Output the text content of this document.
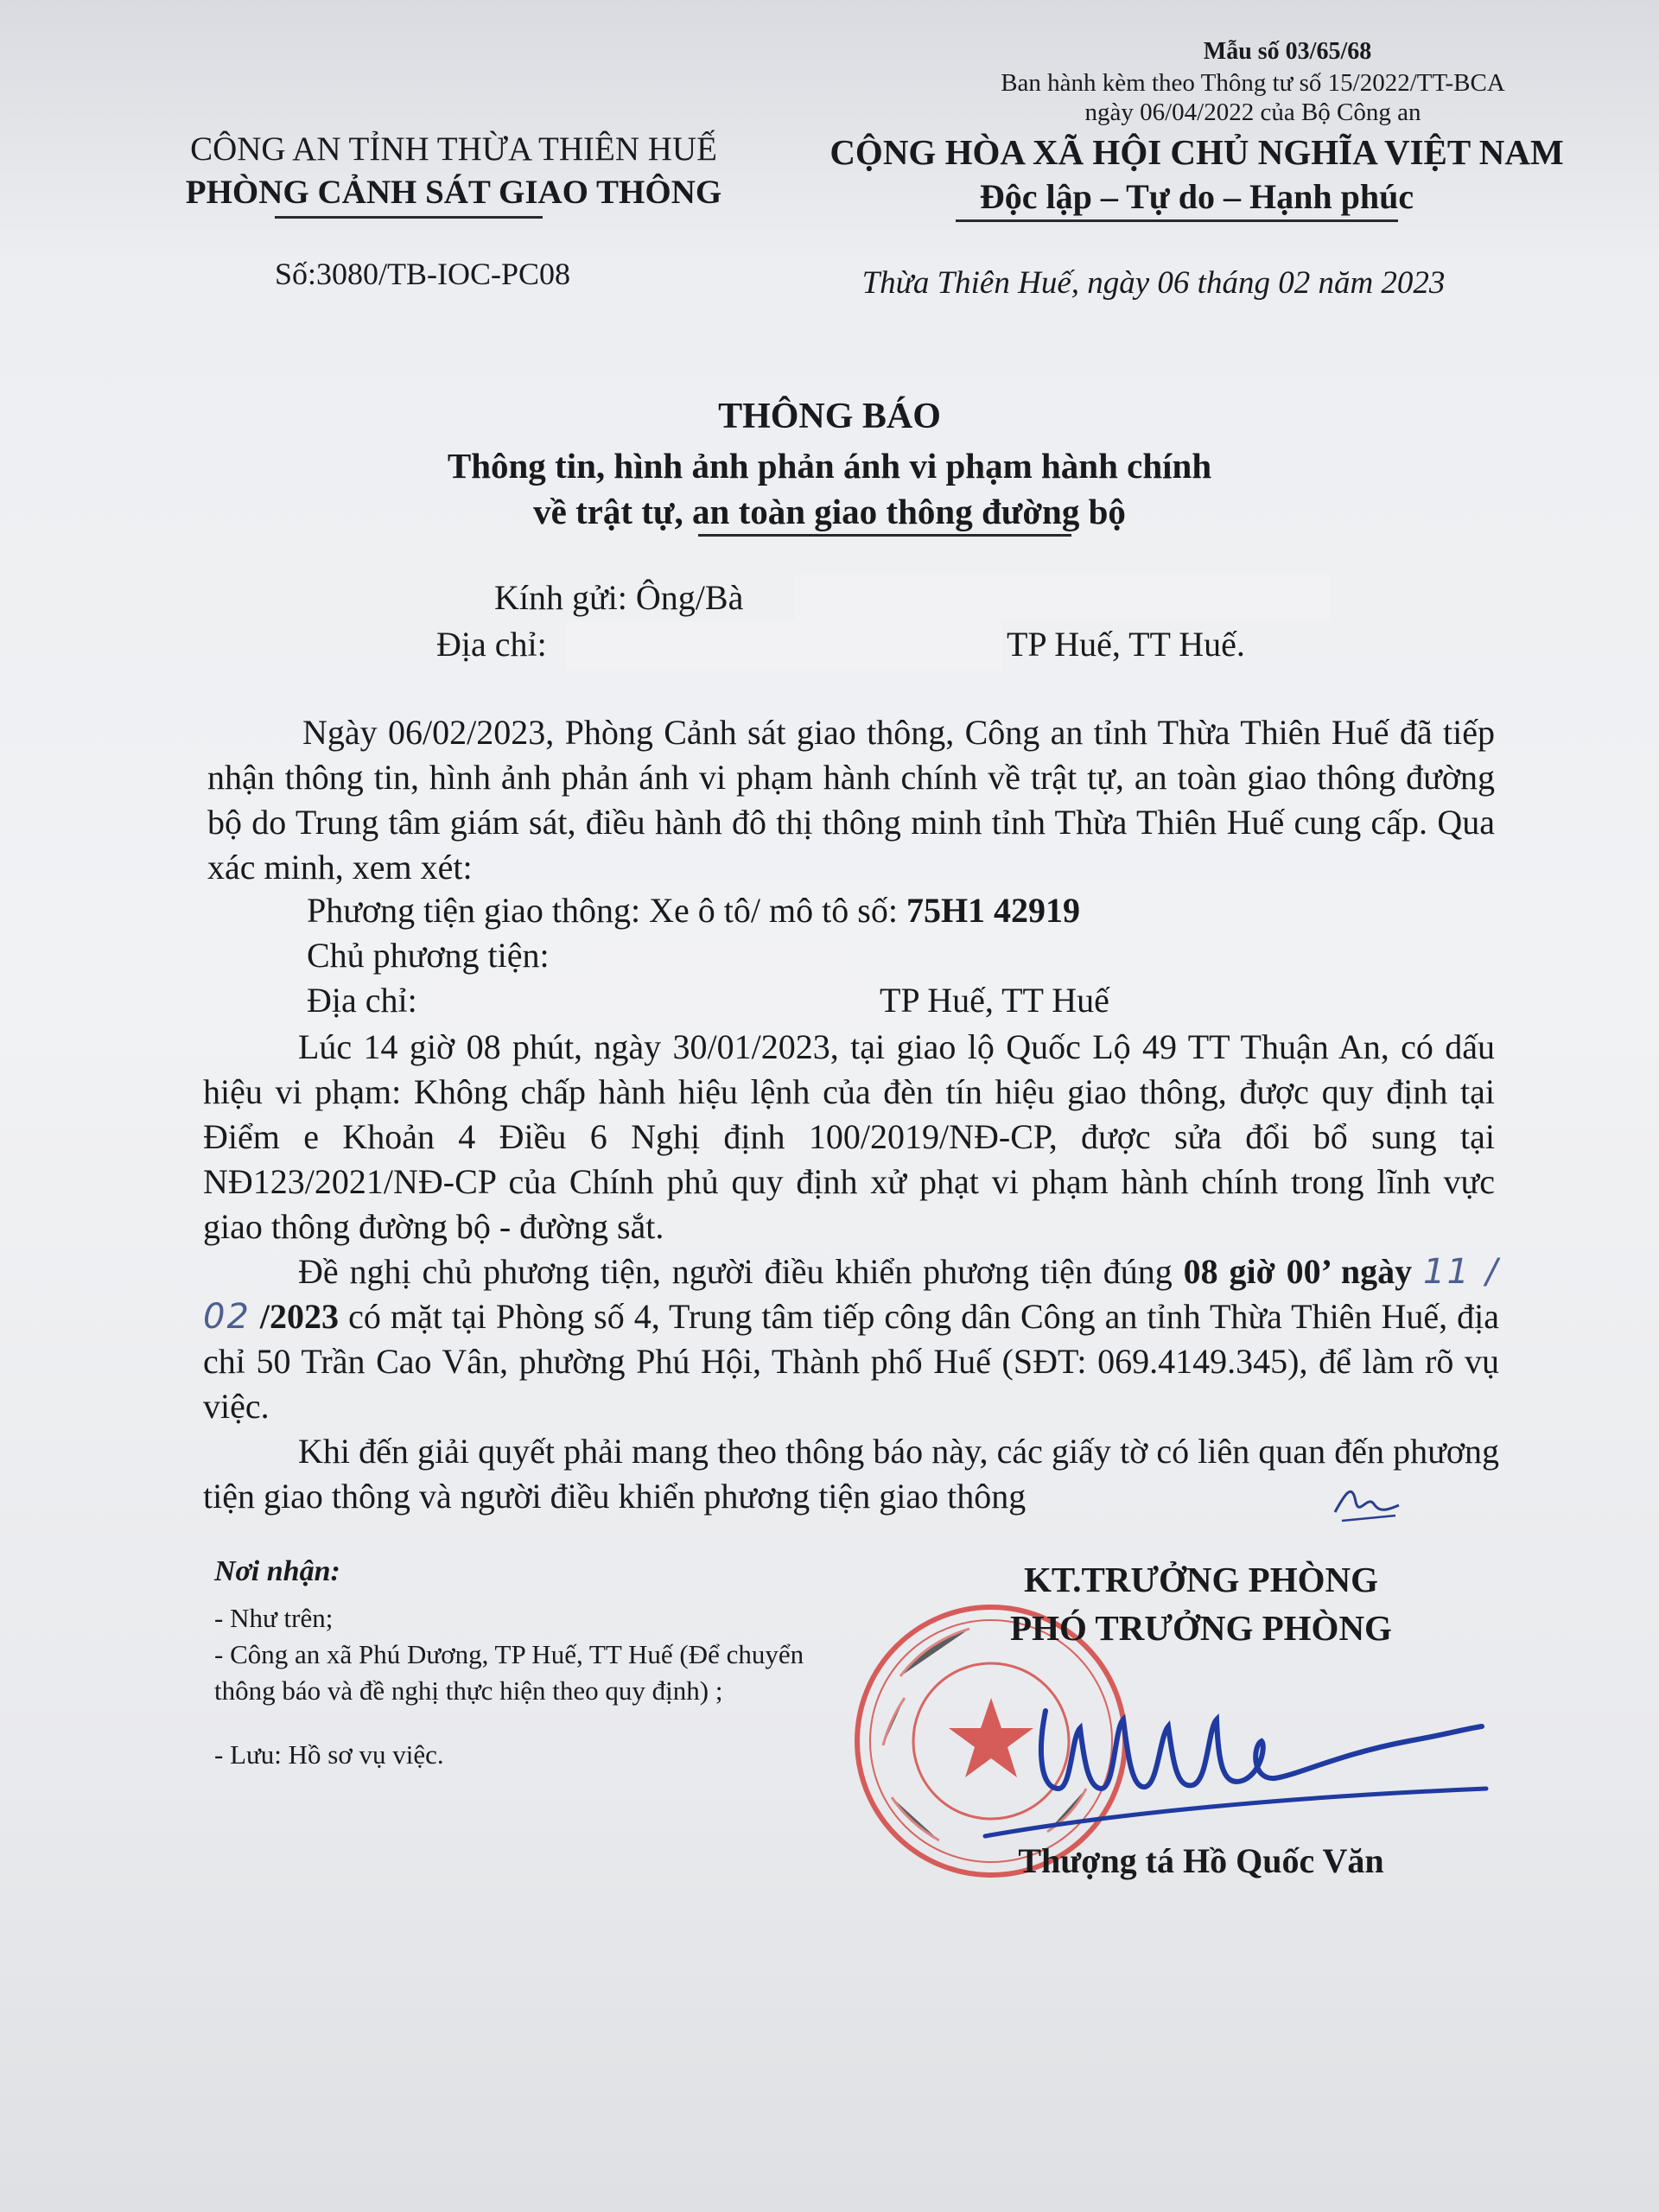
Mẫu số 03/65/68
Ban hành kèm theo Thông tư số 15/2022/TT-BCA
ngày 06/04/2022 của Bộ Công an
CÔNG AN TỈNH THỪA THIÊN HUẾ
PHÒNG CẢNH SÁT GIAO THÔNG
CỘNG HÒA XÃ HỘI CHỦ NGHĨA VIỆT NAM
Độc lập – Tự do – Hạnh phúc
Số:3080/TB-IOC-PC08	Thừa Thiên Huế, ngày 06 tháng 02 năm 2023
THÔNG BÁO
Thông tin, hình ảnh phản ánh vi phạm hành chính
về trật tự, an toàn giao thông đường bộ
Kính gửi: Ông/Bà
Địa chỉ:	TP Huế, TT Huế.
Ngày 06/02/2023, Phòng Cảnh sát giao thông, Công an tỉnh Thừa Thiên Huế đã tiếp nhận thông tin, hình ảnh phản ánh vi phạm hành chính về trật tự, an toàn giao thông đường bộ do Trung tâm giám sát, điều hành đô thị thông minh tỉnh Thừa Thiên Huế cung cấp. Qua xác minh, xem xét:
Phương tiện giao thông: Xe ô tô/ mô tô số: 75H1 42919
Chủ phương tiện:
Địa chỉ:	TP Huế, TT Huế
Lúc 14 giờ 08 phút, ngày 30/01/2023, tại giao lộ Quốc Lộ 49 TT Thuận An, có dấu hiệu vi phạm: Không chấp hành hiệu lệnh của đèn tín hiệu giao thông, được quy định tại Điểm e Khoản 4 Điều 6 Nghị định 100/2019/NĐ-CP, được sửa đổi bổ sung tại NĐ123/2021/NĐ-CP của Chính phủ quy định xử phạt vi phạm hành chính trong lĩnh vực giao thông đường bộ - đường sắt.
Đề nghị chủ phương tiện, người điều khiển phương tiện đúng 08 giờ 00’ ngày 11 / 02 /2023 có mặt tại Phòng số 4, Trung tâm tiếp công dân Công an tỉnh Thừa Thiên Huế, địa chỉ 50 Trần Cao Vân, phường Phú Hội, Thành phố Huế (SĐT: 069.4149.345), để làm rõ vụ việc.
Khi đến giải quyết phải mang theo thông báo này, các giấy tờ có liên quan đến phương tiện giao thông và người điều khiển phương tiện giao thông
Nơi nhận:
- Như trên;
- Công an xã Phú Dương, TP Huế, TT Huế (Để chuyển thông báo và đề nghị thực hiện theo quy định) ;
- Lưu: Hồ sơ vụ việc.
KT.TRƯỞNG PHÒNG
PHÓ TRƯỞNG PHÒNG
Thượng tá Hồ Quốc Văn
